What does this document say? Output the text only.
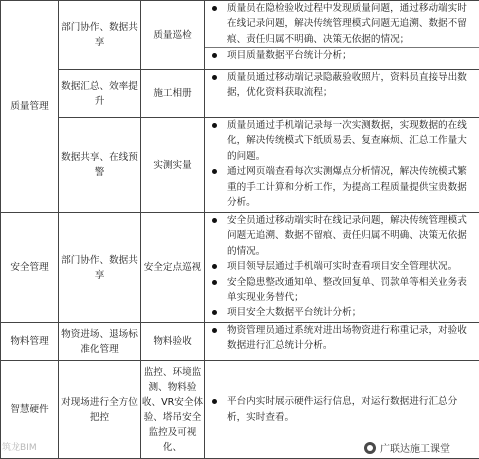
质量管理	部门协作、数据共享	质量巡检	质量员在隐检验收过程中发现质量问题，通过移动端实时在线记录问题，解决传统管理模式问题无追溯、数据不留痕、责任归属不明确、决策无依据的情况；
项目质量数据平台统计分析；

	数据汇总、效率提升	施工相册	质量员通过移动端记录隐蔽验收照片，资料员直接导出数据，优化资料获取流程；

	数据共享、在线预警	实测实量	质量员通过手机端记录每一次实测数据，实现数据的在线化，解决传统模式下纸质易丢、复查麻烦、汇总工作量大的问题。
通过网页端查看每次实测爆点分析情况，解决传统模式繁重的手工计算和分析工作，为提高工程质量提供宝贵数据分析。

安全管理	部门协作、数据共享	安全定点巡视	安全员通过移动端实时在线记录问题，解决传统管理模式问题无追溯、数据不留痕、责任归属不明确、决策无依据的情况。
项目领导层通过手机端可实时查看项目安全管理状况。
安全隐患整改通知单、整改回复单、罚款单等相关业务表单实现业务替代；
项目安全大数据平台统计分析；

物料管理	物资进场、退场标准化管理	物料验收	物资管理员通过系统对进出场物资进行称重记录，对验收数据进行汇总统计分析。

智慧硬件	对现场进行全方位把控	监控、环境监测、物料验收、VR安全体验、塔吊安全监控及可视化、	平台内实时展示硬件运行信息，对运行数据进行汇总分析，实时查看。
筑龙BIM	广联达施工课堂
